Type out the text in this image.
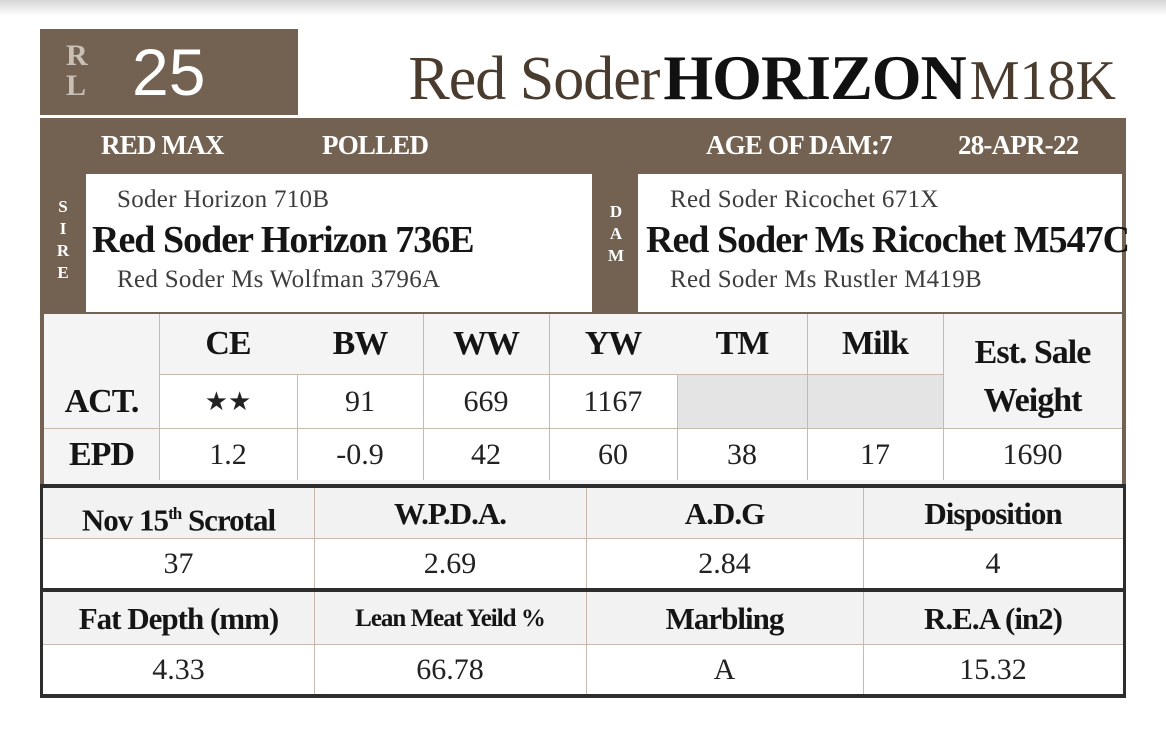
R
L 25	Red Soder HORIZON M18K
RED MAX	POLLED	AGE OF DAM:7 28-APR-22
S
I
R
E
Soder Horizon 710B
Red Soder Horizon 736E
Red Soder Ms Wolfman 3796A
D
A
M
Red Soder Ricochet 671X
Red Soder Ms Ricochet M547C
Red Soder Ms Rustler M419B
CE	BW	WW	YW	TM	Milk	Est. Sale
Weight
ACT.	★★	91	669	1167
EPD	1.2	-0.9	42	60	38	17	1690
Nov 15th Scrotal	W.P.D.A.	A.D.G	Disposition
37	2.69	2.84	4
Fat Depth (mm)	Lean Meat Yeild %	Marbling	R.E.A (in2)
4.33	66.78	A	15.32
